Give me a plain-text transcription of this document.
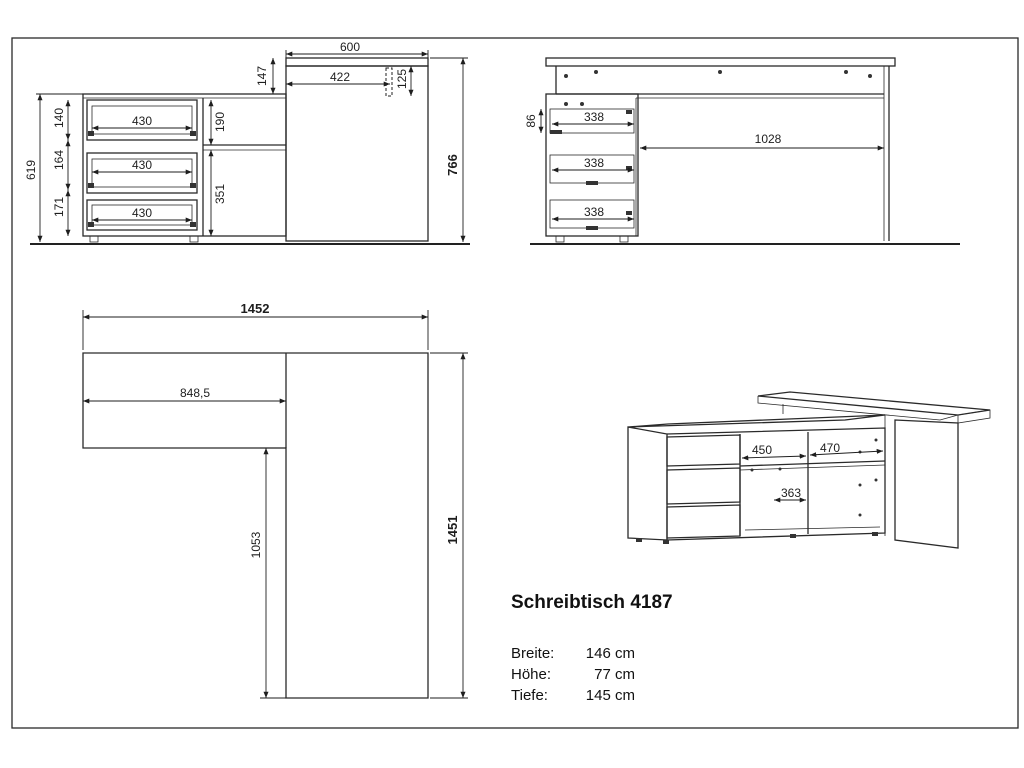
600
422
147	125
766
619
140
164
171
430
430
430
190
351
86	338
338
338
1028
1452
848,5
1053
1451
450	470
363
Schreibtisch 4187
Breite: 146 cm
Höhe:	77 cm
Tiefe:	145 cm
